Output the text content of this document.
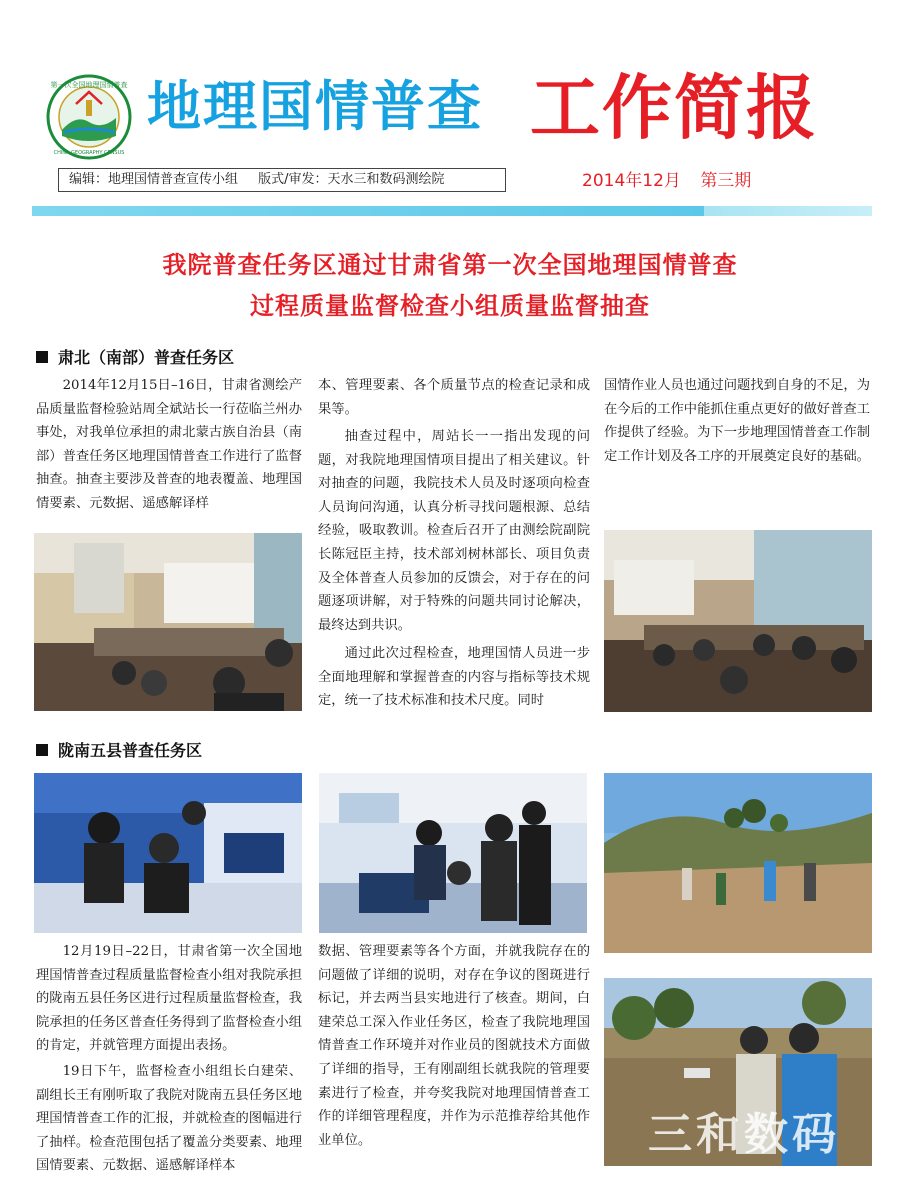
第一次全国地理国情普查
CHINA GEOGRAPHY CENSUS
地理国情普查 工作简报
编辑：地理国情普查宣传小组 版式/审发：天水三和数码测绘院	2014年12月 第三期
我院普查任务区通过甘肃省第一次全国地理国情普查
过程质量监督检查小组质量监督抽查
肃北（南部）普查任务区
2014年12月15日–16日，甘肃省测绘产品质量监督检验站周全斌站长一行莅临兰州办事处，对我单位承担的肃北蒙古族自治县（南部）普查任务区地理国情普查工作进行了监督抽查。抽查主要涉及普查的地表覆盖、地理国情要素、元数据、遥感解译样
本、管理要素、各个质量节点的检查记录和成果等。
抽查过程中，周站长一一指出发现的问题，对我院地理国情项目提出了相关建议。针对抽查的问题，我院技术人员及时逐项向检查人员询问沟通，认真分析寻找问题根源、总结经验，吸取教训。检查后召开了由测绘院副院长陈冠臣主持，技术部刘树林部长、项目负责及全体普查人员参加的反馈会，对于存在的问题逐项讲解，对于特殊的问题共同讨论解决，最终达到共识。
通过此次过程检查，地理国情人员进一步全面地理解和掌握普查的内容与指标等技术规定，统一了技术标准和技术尺度。同时
国情作业人员也通过问题找到自身的不足，为在今后的工作中能抓住重点更好的做好普查工作提供了经验。为下一步地理国情普查工作制定工作计划及各工序的开展奠定良好的基础。
陇南五县普查任务区
12月19日–22日，甘肃省第一次全国地理国情普查过程质量监督检查小组对我院承担的陇南五县任务区进行过程质量监督检查，我院承担的任务区普查任务得到了监督检查小组的肯定，并就管理方面提出表扬。
19日下午，监督检查小组组长白建荣、副组长王有刚听取了我院对陇南五县任务区地理国情普查工作的汇报，并就检查的图幅进行了抽样。检查范围包括了覆盖分类要素、地理国情要素、元数据、遥感解译样本
数据、管理要素等各个方面，并就我院存在的问题做了详细的说明，对存在争议的图斑进行标记，并去两当县实地进行了核查。期间，白建荣总工深入作业任务区，检查了我院地理国情普查工作环境并对作业员的图就技术方面做了详细的指导，王有刚副组长就我院的管理要素进行了检查，并夸奖我院对地理国情普查工作的详细管理程度，并作为示范推荐给其他作业单位。	三和数码
